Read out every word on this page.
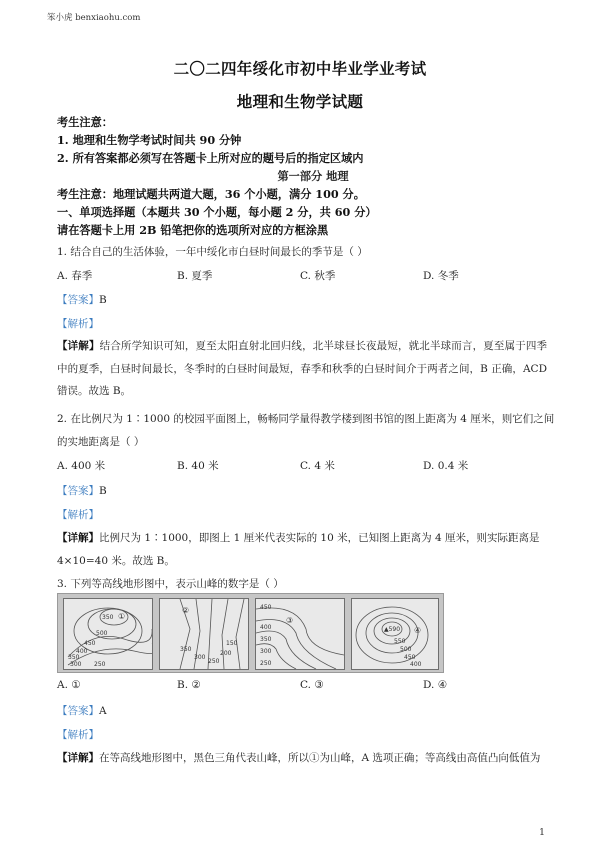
笨小虎 benxiaohu.com
二〇二四年绥化市初中毕业学业考试
地理和生物学试题
考生注意：
1. 地理和生物学考试时间共 90 分钟
2. 所有答案都必须写在答题卡上所对应的题号后的指定区域内
第一部分 地理
考生注意：地理试题共两道大题，36 个小题，满分 100 分。
一、单项选择题（本题共 30 个小题，每小题 2 分，共 60 分）
请在答题卡上用 2B 铅笔把你的选项所对应的方框涂黑
1. 结合自己的生活体验，一年中绥化市白昼时间最长的季节是（ ）
A. 春季	B. 夏季	C. 秋季	D. 冬季
【答案】B
【解析】
【详解】结合所学知识可知，夏至太阳直射北回归线，北半球昼长夜最短，就北半球而言，夏至属于四季中的夏季，白昼时间最长，冬季时的白昼时间最短，春季和秋季的白昼时间介于两者之间，B 正确，ACD 错误。故选 B。
2. 在比例尺为 1∶1000 的校园平面图上，畅畅同学量得教学楼到图书馆的图上距离为 4 厘米，则它们之间
的实地距离是（ ）
A. 400 米	B. 40 米	C. 4 米	D. 0.4 米
【答案】B
【解析】
【详解】比例尺为 1∶1000，即图上 1 厘米代表实际的 10 米，已知图上距离为 4 厘米，则实际距离是
4×10=40 米。故选 B。
3. 下列等高线地形图中，表示山峰的数字是（ ）
350 ①
500
450
400
350
300 250
②
350
300
250
200
150
450
③
400
350
300
250
▲590 ④
550
500
450
400
A. ①	B. ②	C. ③	D. ④
【答案】A
【解析】
【详解】在等高线地形图中，黑色三角代表山峰，所以①为山峰，A 选项正确；等高线由高值凸向低值为
1
